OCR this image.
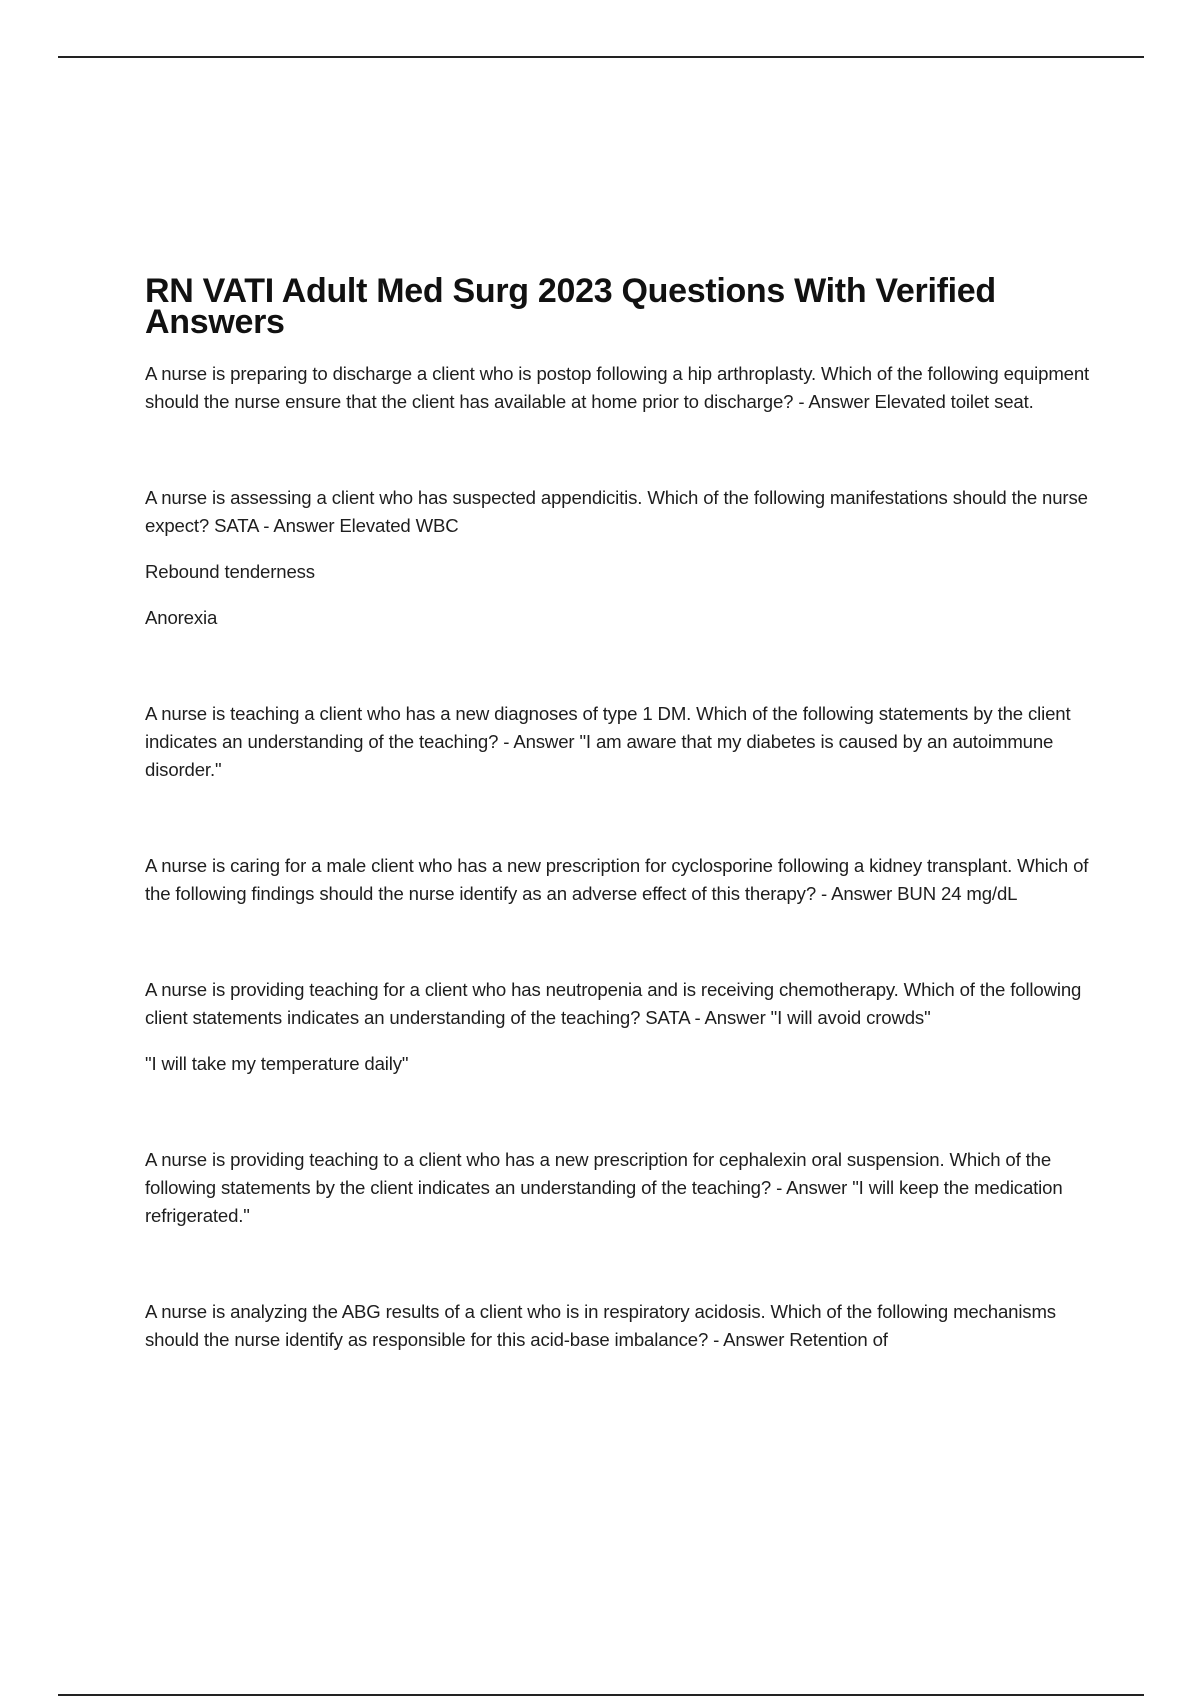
RN VATI Adult Med Surg 2023 Questions With Verified Answers

A nurse is preparing to discharge a client who is postop following a hip arthroplasty. Which of the following equipment should the nurse ensure that the client has available at home prior to discharge? - Answer Elevated toilet seat.

A nurse is assessing a client who has suspected appendicitis. Which of the following manifestations should the nurse expect? SATA - Answer Elevated WBC

Rebound tenderness

Anorexia

A nurse is teaching a client who has a new diagnoses of type 1 DM. Which of the following statements by the client indicates an understanding of the teaching? - Answer "I am aware that my diabetes is caused by an autoimmune disorder."

A nurse is caring for a male client who has a new prescription for cyclosporine following a kidney transplant. Which of the following findings should the nurse identify as an adverse effect of this therapy? - Answer BUN 24 mg/dL

A nurse is providing teaching for a client who has neutropenia and is receiving chemotherapy. Which of the following client statements indicates an understanding of the teaching? SATA - Answer "I will avoid crowds"

"I will take my temperature daily"

A nurse is providing teaching to a client who has a new prescription for cephalexin oral suspension. Which of the following statements by the client indicates an understanding of the teaching? - Answer "I will keep the medication refrigerated."

A nurse is analyzing the ABG results of a client who is in respiratory acidosis. Which of the following mechanisms should the nurse identify as responsible for this acid-base imbalance? - Answer Retention of
